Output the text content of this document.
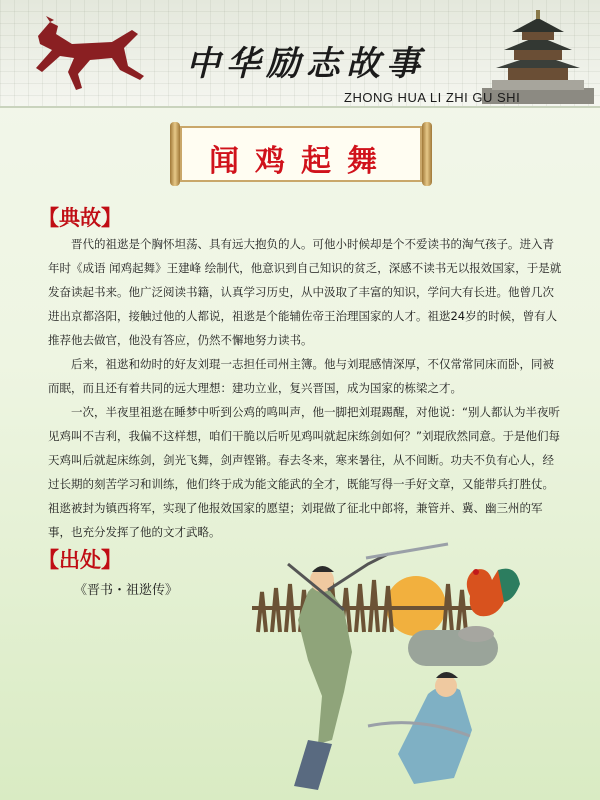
中华励志故事
ZHONG HUA LI ZHI GU SHI
闻鸡起舞
【典故】

晋代的祖逖是个胸怀坦荡、具有远大抱负的人。可他小时候却是个不爱读书的淘气孩子。进入青年时《成语 闻鸡起舞》王建峰 绘制代，他意识到自己知识的贫乏，深感不读书无以报效国家，于是就发奋读起书来。他广泛阅读书籍，认真学习历史，从中汲取了丰富的知识，学问大有长进。他曾几次进出京都洛阳，接触过他的人都说，祖逖是个能辅佐帝王治理国家的人才。祖逖24岁的时候，曾有人推荐他去做官，他没有答应，仍然不懈地努力读书。

后来，祖逖和幼时的好友刘琨一志担任司州主簿。他与刘琨感情深厚，不仅常常同床而卧，同被而眠，而且还有着共同的远大理想：建功立业，复兴晋国，成为国家的栋梁之才。

一次，半夜里祖逖在睡梦中听到公鸡的鸣叫声，他一脚把刘琨踢醒，对他说：“别人都认为半夜听见鸡叫不吉利，我偏不这样想，咱们干脆以后听见鸡叫就起床练剑如何？”刘琨欣然同意。于是他们每天鸡叫后就起床练剑，剑光飞舞，剑声铿锵。春去冬来，寒来暑往，从不间断。功夫不负有心人，经过长期的刻苦学习和训练，他们终于成为能文能武的全才，既能写得一手好文章，又能带兵打胜仗。祖逖被封为镇西将军，实现了他报效国家的愿望；刘琨做了征北中郎将，兼管并、冀、幽三州的军事，也充分发挥了他的文才武略。

【出处】
《晋书・祖逖传》
